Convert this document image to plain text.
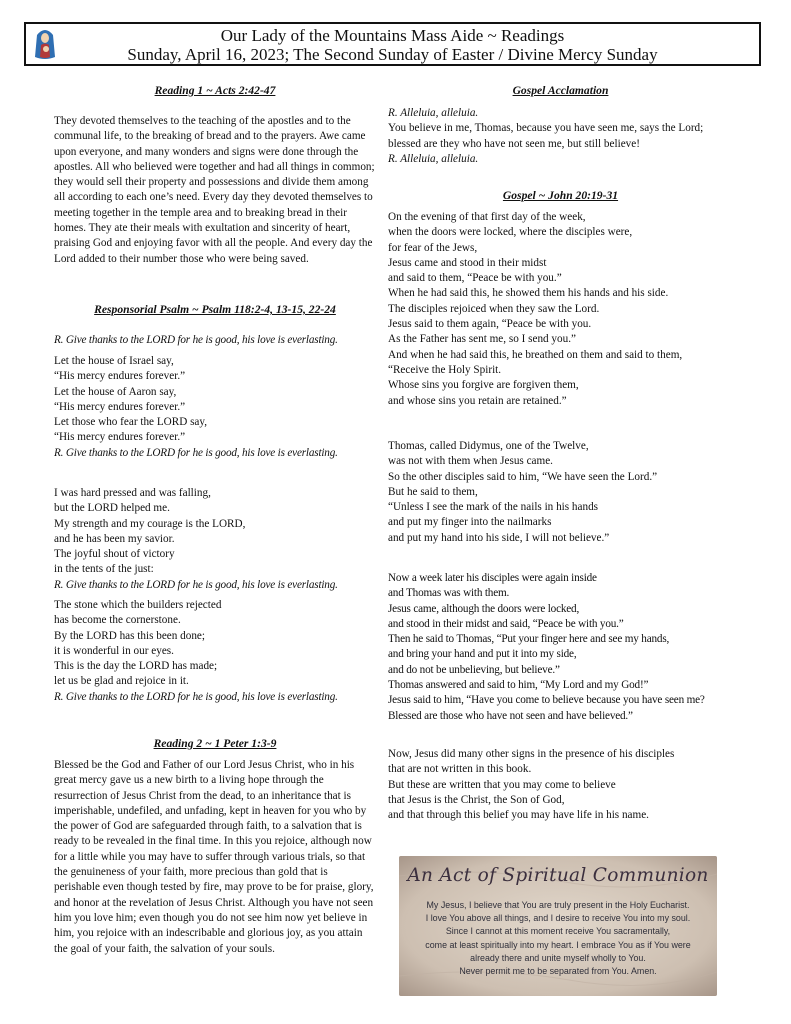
Our Lady of the Mountains Mass Aide ~ Readings
Sunday, April 16, 2023; The Second Sunday of Easter / Divine Mercy Sunday

Reading 1 ~ Acts 2:42-47

They devoted themselves to the teaching of the apostles and to the communal life, to the breaking of bread and to the prayers. Awe came upon everyone, and many wonders and signs were done through the apostles. All who believed were together and had all things in common; they would sell their property and possessions and divide them among all according to each one’s need. Every day they devoted themselves to meeting together in the temple area and to breaking bread in their homes. They ate their meals with exultation and sincerity of heart, praising God and enjoying favor with all the people. And every day the Lord added to their number those who were being saved.

Responsorial Psalm ~ Psalm 118:2-4, 13-15, 22-24

R. Give thanks to the LORD for he is good, his love is everlasting.

Let the house of Israel say,
“His mercy endures forever.”
Let the house of Aaron say,
“His mercy endures forever.”
Let those who fear the LORD say,
“His mercy endures forever.”

R. Give thanks to the LORD for he is good, his love is everlasting.

I was hard pressed and was falling,
but the LORD helped me.
My strength and my courage is the LORD,
and he has been my savior.
The joyful shout of victory
in the tents of the just:

R. Give thanks to the LORD for he is good, his love is everlasting.

The stone which the builders rejected
has become the cornerstone.
By the LORD has this been done;
it is wonderful in our eyes.
This is the day the LORD has made;
let us be glad and rejoice in it.

R. Give thanks to the LORD for he is good, his love is everlasting.

Reading 2 ~ 1 Peter 1:3-9

Blessed be the God and Father of our Lord Jesus Christ, who in his great mercy gave us a new birth to a living hope through the resurrection of Jesus Christ from the dead, to an inheritance that is imperishable, undefiled, and unfading, kept in heaven for you who by the power of God are safeguarded through faith, to a salvation that is ready to be revealed in the final time. In this you rejoice, although now for a little while you may have to suffer through various trials, so that the genuineness of your faith, more precious than gold that is perishable even though tested by fire, may prove to be for praise, glory, and honor at the revelation of Jesus Christ. Although you have not seen him you love him; even though you do not see him now yet believe in him, you rejoice with an indescribable and glorious joy, as you attain the goal of your faith, the salvation of your souls.

Gospel Acclamation

R. Alleluia, alleluia.

You believe in me, Thomas, because you have seen me, says the Lord;
blessed are they who have not seen me, but still believe!

R. Alleluia, alleluia.

Gospel ~ John 20:19-31

On the evening of that first day of the week,
when the doors were locked, where the disciples were,
for fear of the Jews,
Jesus came and stood in their midst
and said to them, “Peace be with you.”
When he had said this, he showed them his hands and his side.
The disciples rejoiced when they saw the Lord.
Jesus said to them again, “Peace be with you.
As the Father has sent me, so I send you.”
And when he had said this, he breathed on them and said to them,
“Receive the Holy Spirit.
Whose sins you forgive are forgiven them,
and whose sins you retain are retained.”

Thomas, called Didymus, one of the Twelve,
was not with them when Jesus came.
So the other disciples said to him, “We have seen the Lord.”
But he said to them,
“Unless I see the mark of the nails in his hands
and put my finger into the nailmarks
and put my hand into his side, I will not believe.”

Now a week later his disciples were again inside
and Thomas was with them.
Jesus came, although the doors were locked,
and stood in their midst and said, “Peace be with you.”
Then he said to Thomas, “Put your finger here and see my hands,
and bring your hand and put it into my side,
and do not be unbelieving, but believe.”
Thomas answered and said to him, “My Lord and my God!”
Jesus said to him, “Have you come to believe because you have seen me?
Blessed are those who have not seen and have believed.”

Now, Jesus did many other signs in the presence of his disciples
that are not written in this book.
But these are written that you may come to believe
that Jesus is the Christ, the Son of God,
and that through this belief you may have life in his name.

An Act of Spiritual Communion
My Jesus, I believe that You are truly present in the Holy Eucharist.
I love You above all things, and I desire to receive You into my soul.
Since I cannot at this moment receive You sacramentally,
come at least spiritually into my heart. I embrace You as if You were
already there and unite myself wholly to You.
Never permit me to be separated from You. Amen.
